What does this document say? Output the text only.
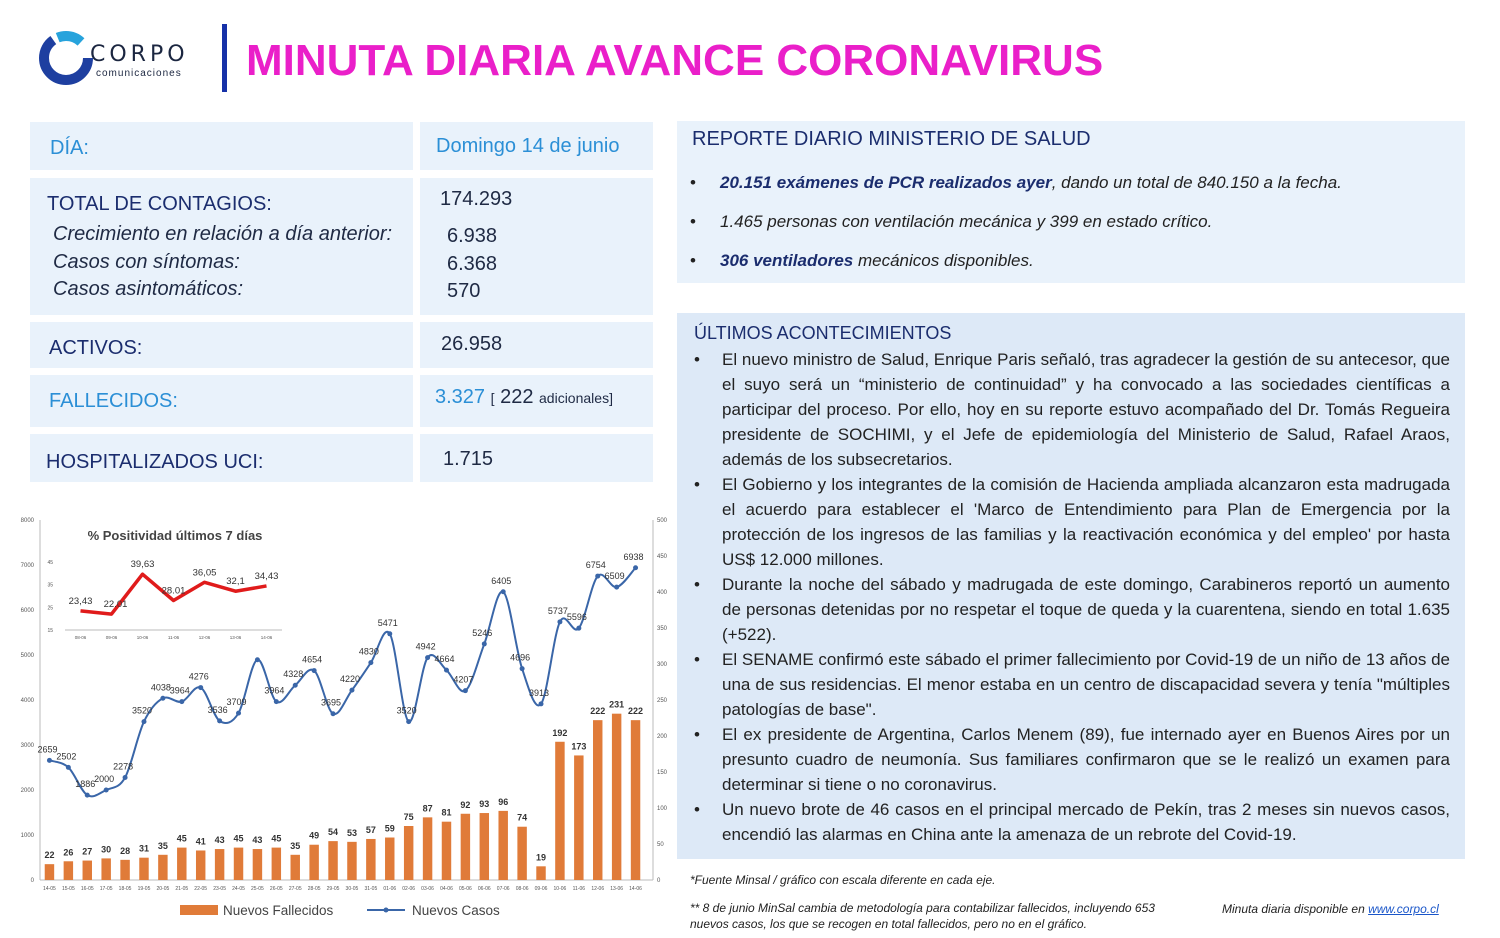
CORPO
comunicaciones MINUTA DIARIA AVANCE CORONAVIRUS
DÍA:	Domingo 14 de junio
TOTAL DE CONTAGIOS:	174.293
Crecimiento en relación a día anterior:	6.938
Casos con síntomas:	6.368
Casos asintomáticos:	570
ACTIVOS:	26.958
FALLECIDOS:	3.327 [ 222 adicionales]
HOSPITALIZADOS UCI:	1.715
0
1000
2000
3000
4000
5000
6000
7000
8000
0
50
100
150
200
250
300
350
400
450
500
22 26 27 30 28 31 35
45 41 43 45 43 45
35
49 54 53 57 59
75
87 81
92 93 96
74
19
192
173
222
231
222
2659
2502
1886
2000
2278
3520
4038
3964
4276
3536
3709
3964
4328
4654
3695
4220
4830
5471
3520
4942
4664
4207
5246
6405
4696
3913
5737
5596
6754
6509
6938
14-05 15-05 16-05 17-05 18-05 19-05 20-05 21-05 22-05 23-05 24-05 25-05 26-05 27-05 28-05 29-05 30-05 31-05 01-06 02-06 03-06 04-06 05-06 06-06 07-06 08-06 09-06 10-06 11-06 12-06 13-06 14-06
% Positividad últimos 7 días
15
25
35
45
23,43 22.01
39,63
28.01
36,05
32,1 34,43
08-06	09-06	10-06	11-06	12-06	13-06	14-06
Nuevos Fallecidos	Nuevos Casos
REPORTE DIARIO MINISTERIO DE SALUD
• 20.151 exámenes de PCR realizados ayer, dando un total de 840.150 a la fecha.
• 1.465 personas con ventilación mecánica y 399 en estado crítico.
• 306 ventiladores mecánicos disponibles.
ÚLTIMOS ACONTECIMIENTOS
• El nuevo ministro de Salud, Enrique Paris señaló, tras agradecer la gestión de su antecesor, que el suyo será un “ministerio de continuidad” y ha convocado a las sociedades científicas a participar del proceso. Por ello, hoy en su reporte estuvo acompañado del Dr. Tomás Regueira presidente de SOCHIMI, y el Jefe de epidemiología del Ministerio de Salud, Rafael Araos, además de los subsecretarios.
• El Gobierno y los integrantes de la comisión de Hacienda ampliada alcanzaron esta madrugada el acuerdo para establecer el 'Marco de Entendimiento para Plan de Emergencia por la protección de los ingresos de las familias y la reactivación económica y del empleo' por hasta US$ 12.000 millones.
• Durante la noche del sábado y madrugada de este domingo, Carabineros reportó un aumento de personas detenidas por no respetar el toque de queda y la cuarentena, siendo en total 1.635 (+522).
• El SENAME confirmó este sábado el primer fallecimiento por Covid-19 de un niño de 13 años de una de sus residencias. El menor estaba en un centro de discapacidad severa y tenía "múltiples patologías de base".
• El ex presidente de Argentina, Carlos Menem (89), fue internado ayer en Buenos Aires por un presunto cuadro de neumonía. Sus familiares confirmaron que se le realizó un examen para determinar si tiene o no coronavirus.
• Un nuevo brote de 46 casos en el principal mercado de Pekín, tras 2 meses sin nuevos casos, encendió las alarmas en China ante la amenaza de un rebrote del Covid-19.
*Fuente Minsal / gráfico con escala diferente en cada eje.
** 8 de junio MinSal cambia de metodología para contabilizar fallecidos, incluyendo 653 nuevos casos, los que se recogen en total fallecidos, pero no en el gráfico.
Minuta diaria disponible en www.corpo.cl
